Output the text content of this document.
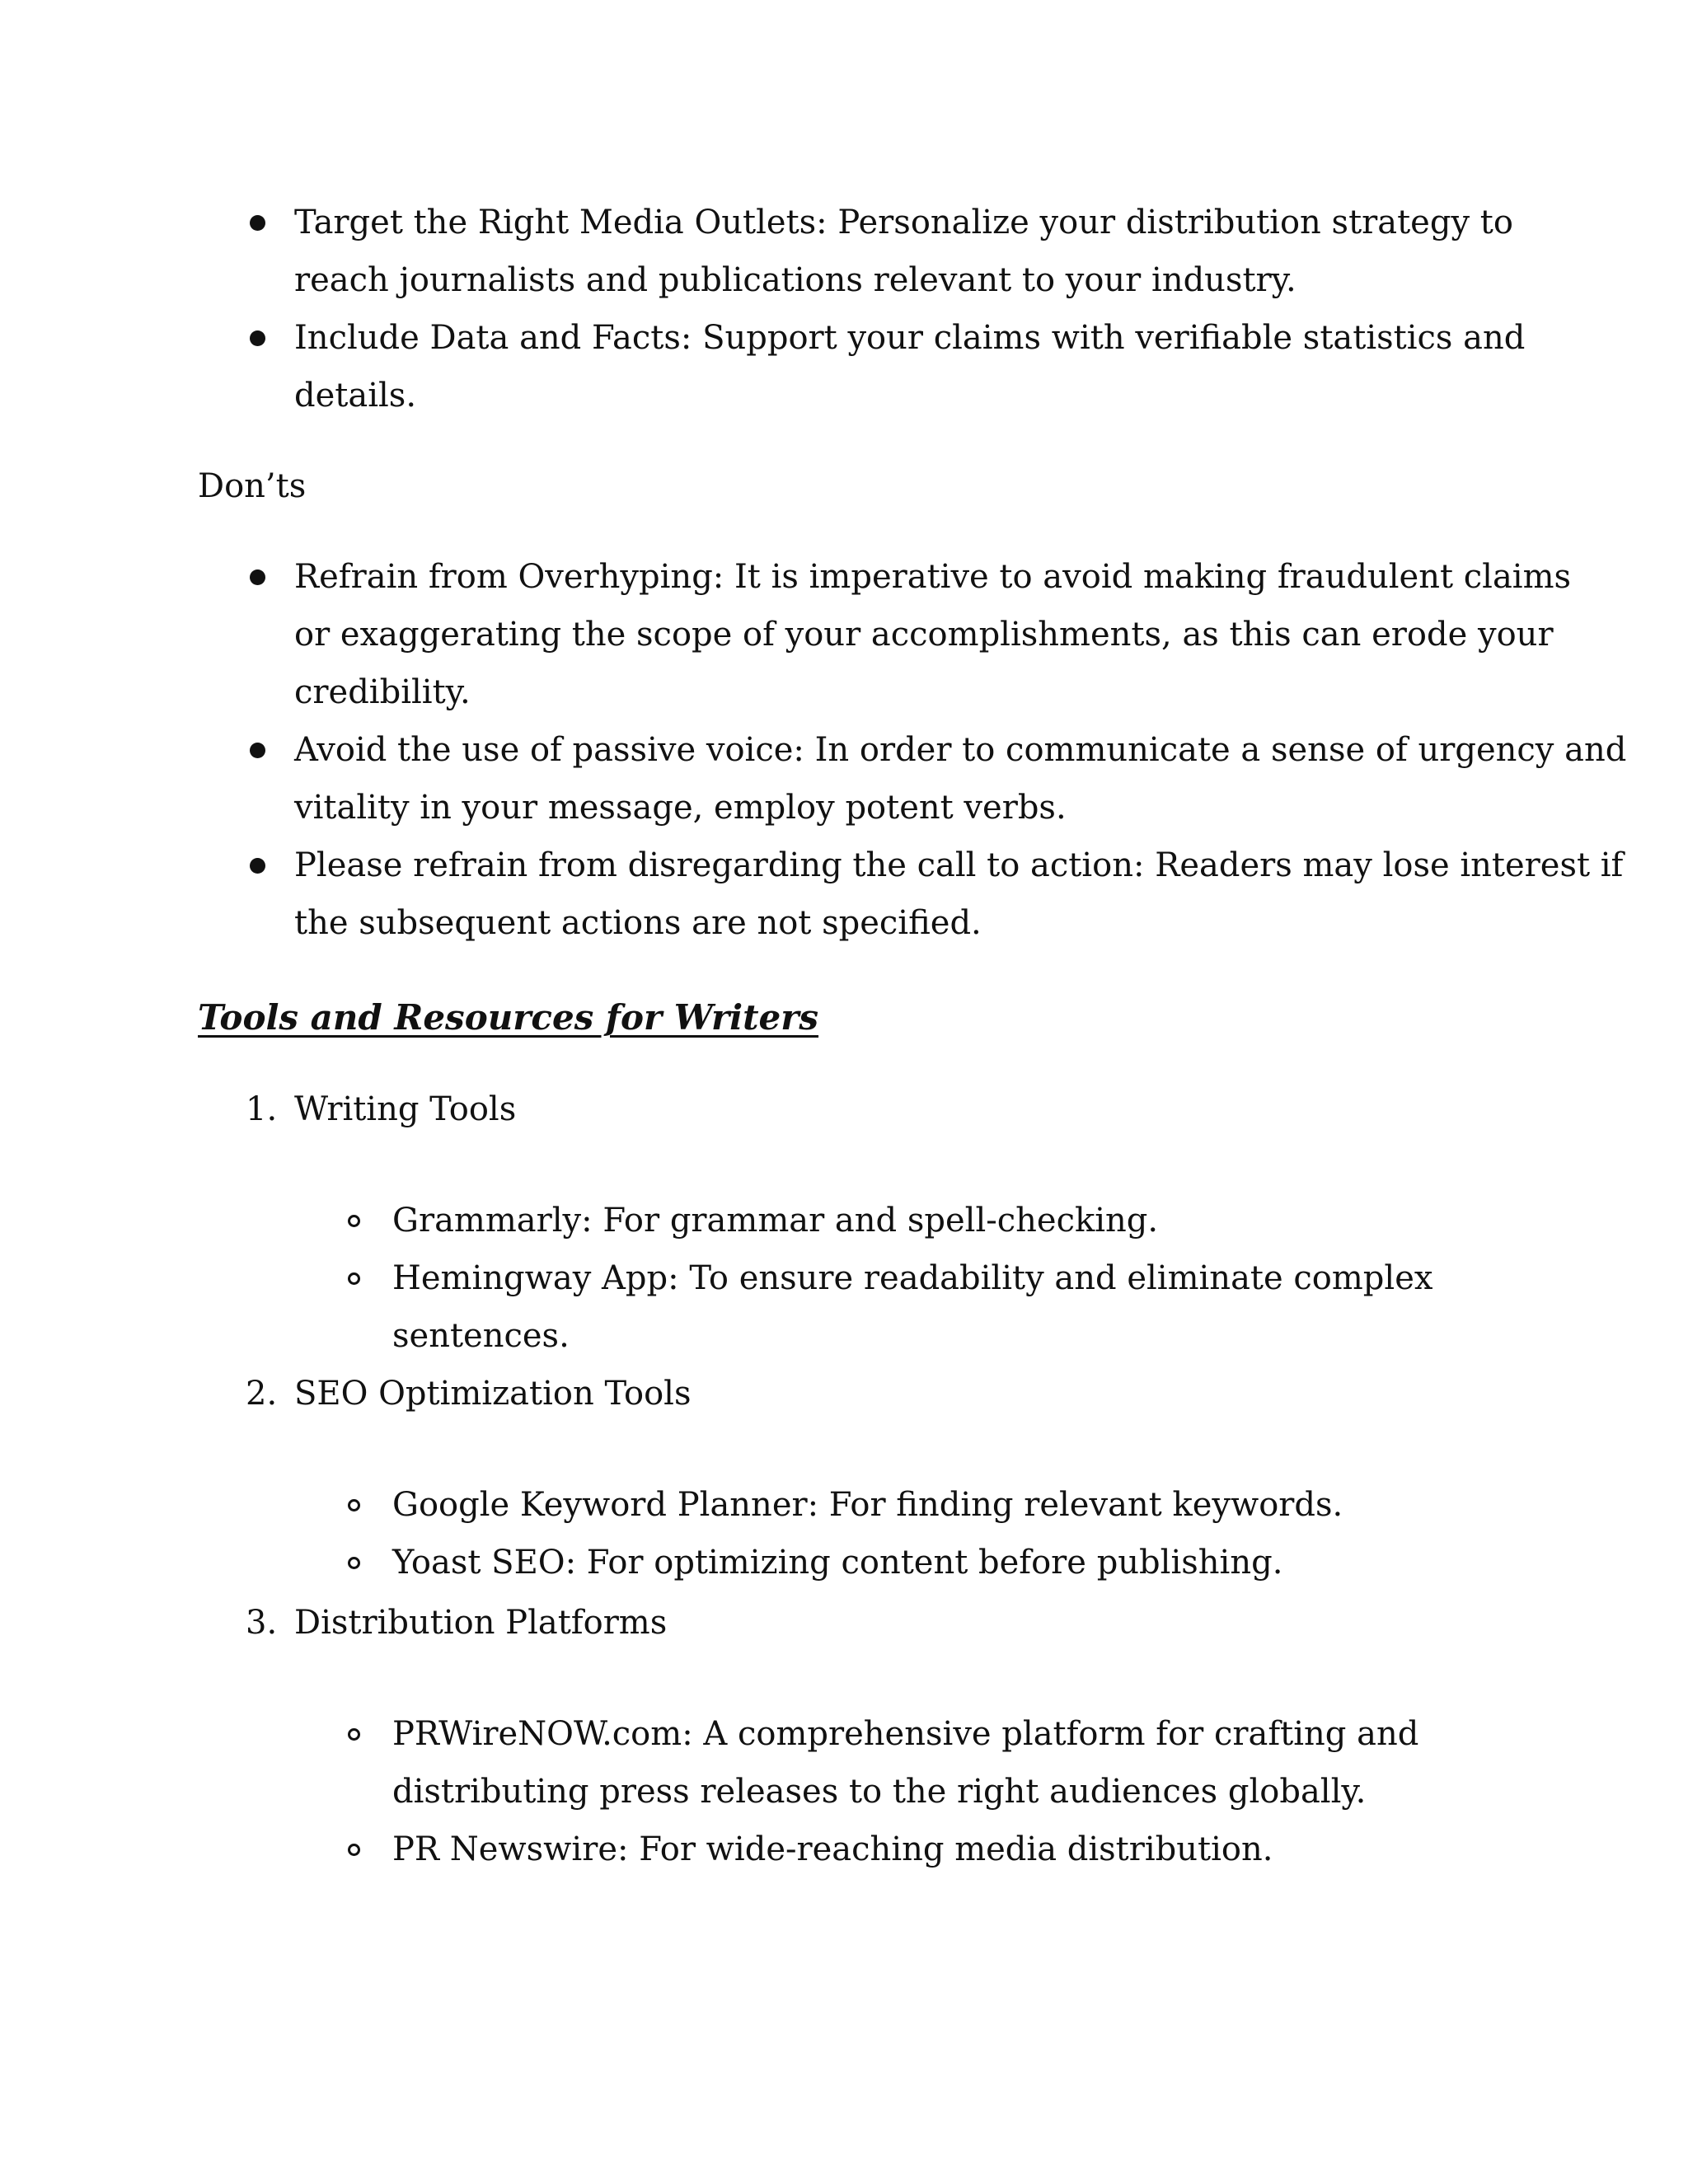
Target the Right Media Outlets: Personalize your distribution strategy to
reach journalists and publications relevant to your industry.
Include Data and Facts: Support your claims with verifiable statistics and
details.
Don’ts
Refrain from Overhyping: It is imperative to avoid making fraudulent claims
or exaggerating the scope of your accomplishments, as this can erode your
credibility.
Avoid the use of passive voice: In order to communicate a sense of urgency and
vitality in your message, employ potent verbs.
Please refrain from disregarding the call to action: Readers may lose interest if
the subsequent actions are not specified.
Tools and Resources for Writers
1. Writing Tools
Grammarly: For grammar and spell-checking.
Hemingway App: To ensure readability and eliminate complex
sentences.
2. SEO Optimization Tools
Google Keyword Planner: For finding relevant keywords.
Yoast SEO: For optimizing content before publishing.
3. Distribution Platforms
PRWireNOW.com: A comprehensive platform for crafting and
distributing press releases to the right audiences globally.
PR Newswire: For wide-reaching media distribution.
